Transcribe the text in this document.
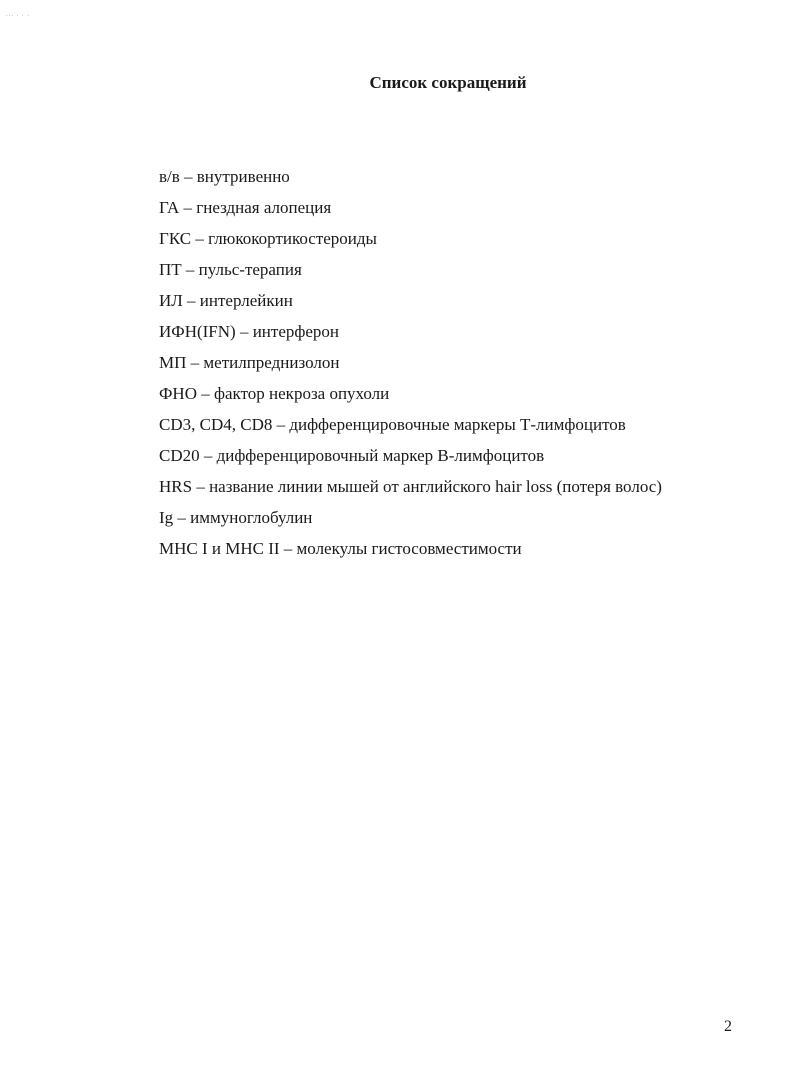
... . . .
Список сокращений
в/в – внутривенно
ГА – гнездная алопеция
ГКС – глюкокортикостероиды
ПТ – пульс-терапия
ИЛ – интерлейкин
ИФН(IFN) – интерферон
МП – метилпреднизолон
ФНО – фактор некроза опухоли
CD3, CD4, CD8 – дифференцировочные маркеры Т-лимфоцитов
CD20 – дифференцировочный маркер В-лимфоцитов
HRS – название линии мышей от английского hair loss (потеря волос)
Ig – иммуноглобулин
МНС I и МНС II – молекулы гистосовместимости
2
